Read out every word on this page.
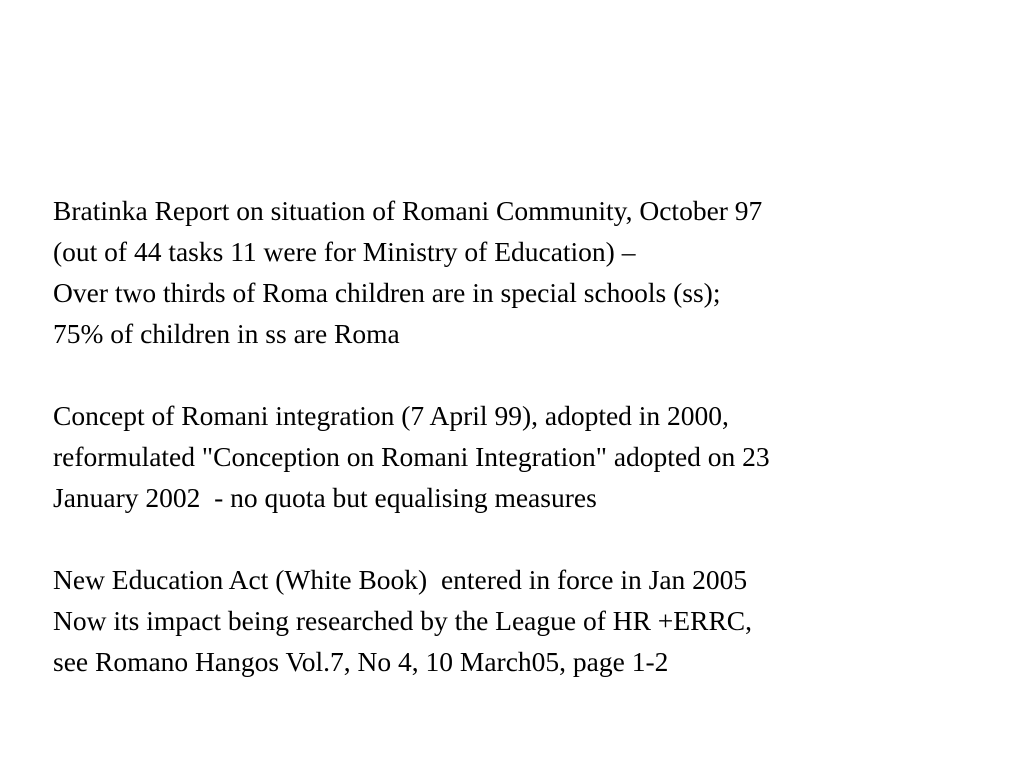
Bratinka Report on situation of Romani Community, October 97
(out of 44 tasks 11 were for Ministry of Education) –
Over two thirds of Roma children are in special schools (ss);
75% of children in ss are Roma
Concept of Romani integration (7 April 99), adopted in 2000,
reformulated "Conception on Romani Integration" adopted on 23
January 2002  - no quota but equalising measures
New Education Act (White Book)  entered in force in Jan 2005
Now its impact being researched by the League of HR +ERRC,
see Romano Hangos Vol.7, No 4, 10 March05, page 1-2
